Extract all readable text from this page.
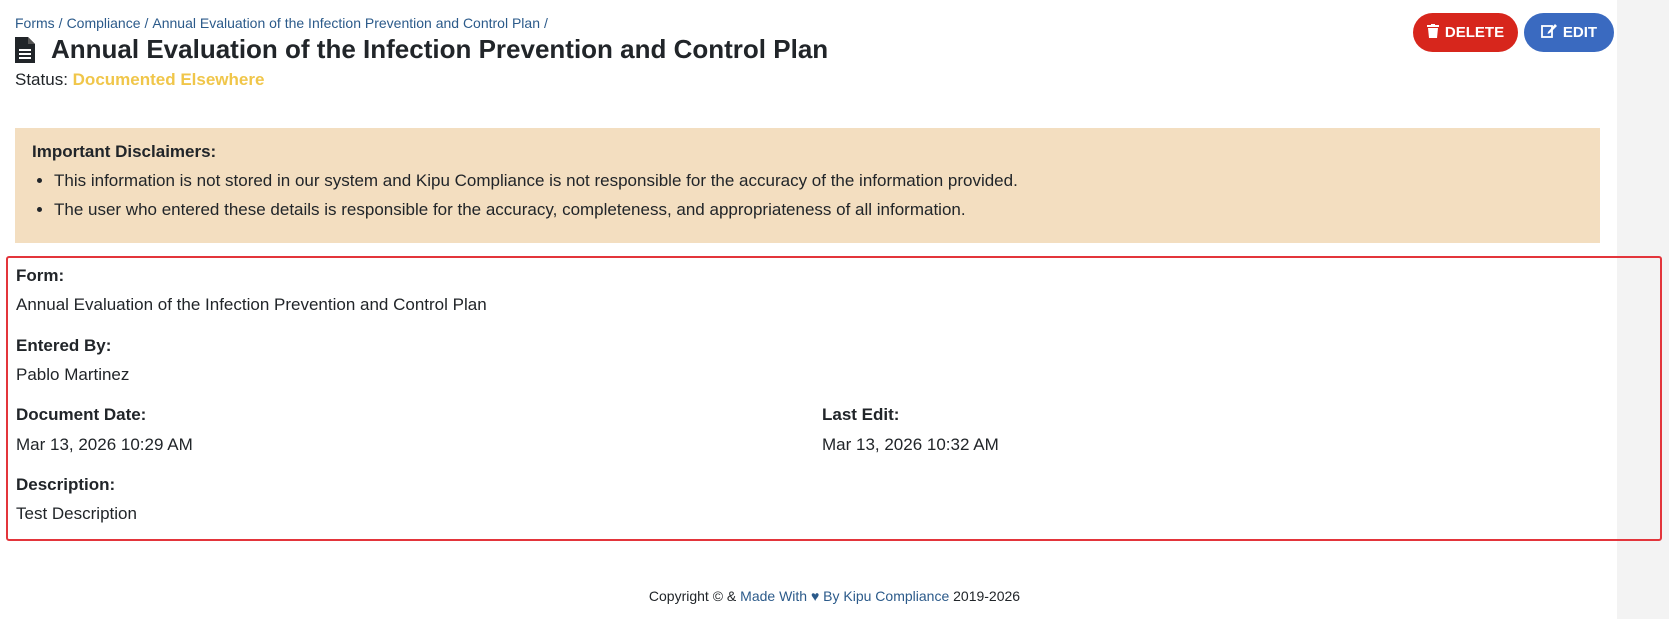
Forms / Compliance / Annual Evaluation of the Infection Prevention and Control Plan /
Annual Evaluation of the Infection Prevention and Control Plan
Status: Documented Elsewhere
DELETE	EDIT
Important Disclaimers:
• This information is not stored in our system and Kipu Compliance is not responsible for the accuracy of the information provided.
• The user who entered these details is responsible for the accuracy, completeness, and appropriateness of all information.
Form:
Annual Evaluation of the Infection Prevention and Control Plan
Entered By:
Pablo Martinez
Document Date:
Mar 13, 2026 10:29 AM
Last Edit:
Mar 13, 2026 10:32 AM
Description:
Test Description
Copyright © & Made With ♥ By Kipu Compliance 2019-2026
